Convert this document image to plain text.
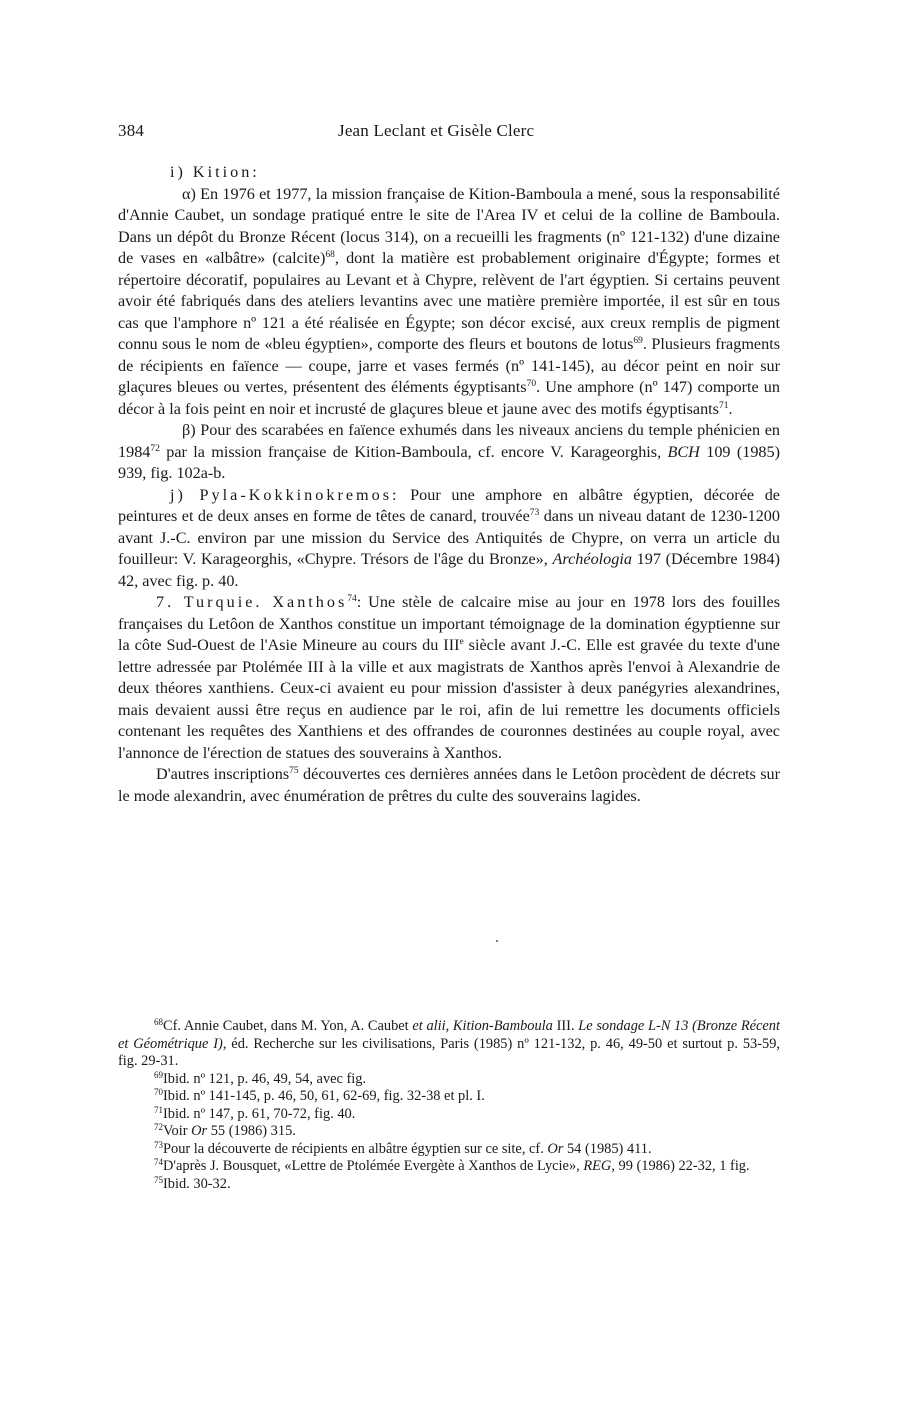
384	Jean Leclant et Gisèle Clerc

i) Kition:

α) En 1976 et 1977, la mission française de Kition-Bamboula a mené, sous la responsabilité d'Annie Caubet, un sondage pratiqué entre le site de l'Area IV et celui de la colline de Bamboula. Dans un dépôt du Bronze Récent (locus 314), on a recueilli les fragments (nº 121-132) d'une dizaine de vases en «albâtre» (calcite)$^{68}$, dont la matière est probablement originaire d'Égypte; formes et répertoire décoratif, populaires au Levant et à Chypre, relèvent de l'art égyptien. Si certains peuvent avoir été fabriqués dans des ateliers levantins avec une matière première importée, il est sûr en tous cas que l'amphore nº 121 a été réalisée en Égypte; son décor excisé, aux creux remplis de pigment connu sous le nom de «bleu égyptien», comporte des fleurs et boutons de lotus$^{69}$. Plusieurs fragments de récipients en faïence — coupe, jarre et vases fermés (nº 141-145), au décor peint en noir sur glaçures bleues ou vertes, présentent des éléments égyptisants$^{70}$. Une amphore (nº 147) comporte un décor à la fois peint en noir et incrusté de glaçures bleue et jaune avec des motifs égyptisants$^{71}$.

β) Pour des scarabées en faïence exhumés dans les niveaux anciens du temple phénicien en 1984$^{72}$ par la mission française de Kition-Bamboula, cf. encore V. Karageorghis, BCH 109 (1985) 939, fig. 102a-b.

j) Pyla-Kokkinokremos: Pour une amphore en albâtre égyptien, décorée de peintures et de deux anses en forme de têtes de canard, trouvée$^{73}$ dans un niveau datant de 1230-1200 avant J.-C. environ par une mission du Service des Antiquités de Chypre, on verra un article du fouilleur: V. Karageorghis, «Chypre. Trésors de l'âge du Bronze», Archéologia 197 (Décembre 1984) 42, avec fig. p. 40.

7. Turquie. Xanthos$^{74}$: Une stèle de calcaire mise au jour en 1978 lors des fouilles françaises du Letôon de Xanthos constitue un important témoignage de la domination égyptienne sur la côte Sud-Ouest de l'Asie Mineure au cours du IIIe siècle avant J.-C. Elle est gravée du texte d'une lettre adressée par Ptolémée III à la ville et aux magistrats de Xanthos après l'envoi à Alexandrie de deux théores xanthiens. Ceux-ci avaient eu pour mission d'assister à deux panégyries alexandrines, mais devaient aussi être reçus en audience par le roi, afin de lui remettre les documents officiels contenant les requêtes des Xanthiens et des offrandes de couronnes destinées au couple royal, avec l'annonce de l'érection de statues des souverains à Xanthos.

D'autres inscriptions$^{75}$ découvertes ces dernières années dans le Letôon procèdent de décrets sur le mode alexandrin, avec énumération de prêtres du culte des souverains lagides.

$^{68}$Cf. Annie Caubet, dans M. Yon, A. Caubet et alii, Kition-Bamboula III. Le sondage L-N 13 (Bronze Récent et Géométrique I), éd. Recherche sur les civilisations, Paris (1985) nº 121-132, p. 46, 49-50 et surtout p. 53-59, fig. 29-31.

$^{69}$Ibid. nº 121, p. 46, 49, 54, avec fig.

$^{70}$Ibid. nº 141-145, p. 46, 50, 61, 62-69, fig. 32-38 et pl. I.

$^{71}$Ibid. nº 147, p. 61, 70-72, fig. 40.

$^{72}$Voir Or 55 (1986) 315.

$^{73}$Pour la découverte de récipients en albâtre égyptien sur ce site, cf. Or 54 (1985) 411.

$^{74}$D'après J. Bousquet, «Lettre de Ptolémée Evergète à Xanthos de Lycie», REG, 99 (1986) 22-32, 1 fig.

$^{75}$Ibid. 30-32.
